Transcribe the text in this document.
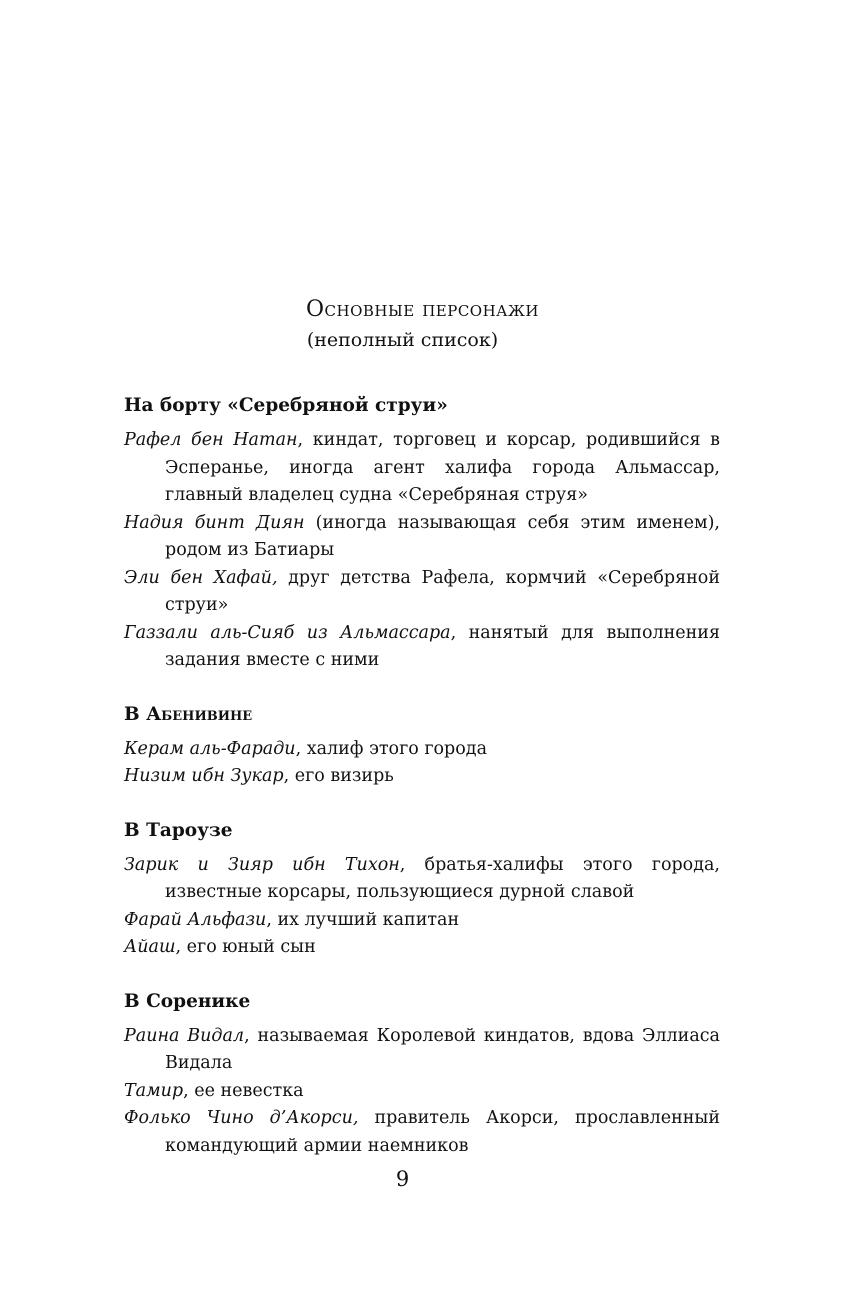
Основные персонажи
(неполный список)
На борту «Серебряной струи»
Рафел бен Натан, киндат, торговец и корсар, родившийся в Эсперанье, иногда агент халифа города Альмассар, главный владелец судна «Серебряная струя»
Надия бинт Диян (иногда называющая себя этим именем), родом из Батиары
Эли бен Хафай, друг детства Рафела, кормчий «Серебряной струи»
Газзали аль-Сияб из Альмассара, нанятый для выполнения задания вместе с ними
В Абенивине
Керам аль-Фаради, халиф этого города
Низим ибн Зукар, его визирь
В Тароузе
Зарик и Зияр ибн Тихон, братья-халифы этого города, известные корсары, пользующиеся дурной славой
Фарай Альфази, их лучший капитан
Айаш, его юный сын
В Соренике
Раина Видал, называемая Королевой киндатов, вдова Эллиаса Видала
Тамир, ее невестка
Фолько Чино д’Акорси, правитель Акорси, прославленный командующий армии наемников
9
